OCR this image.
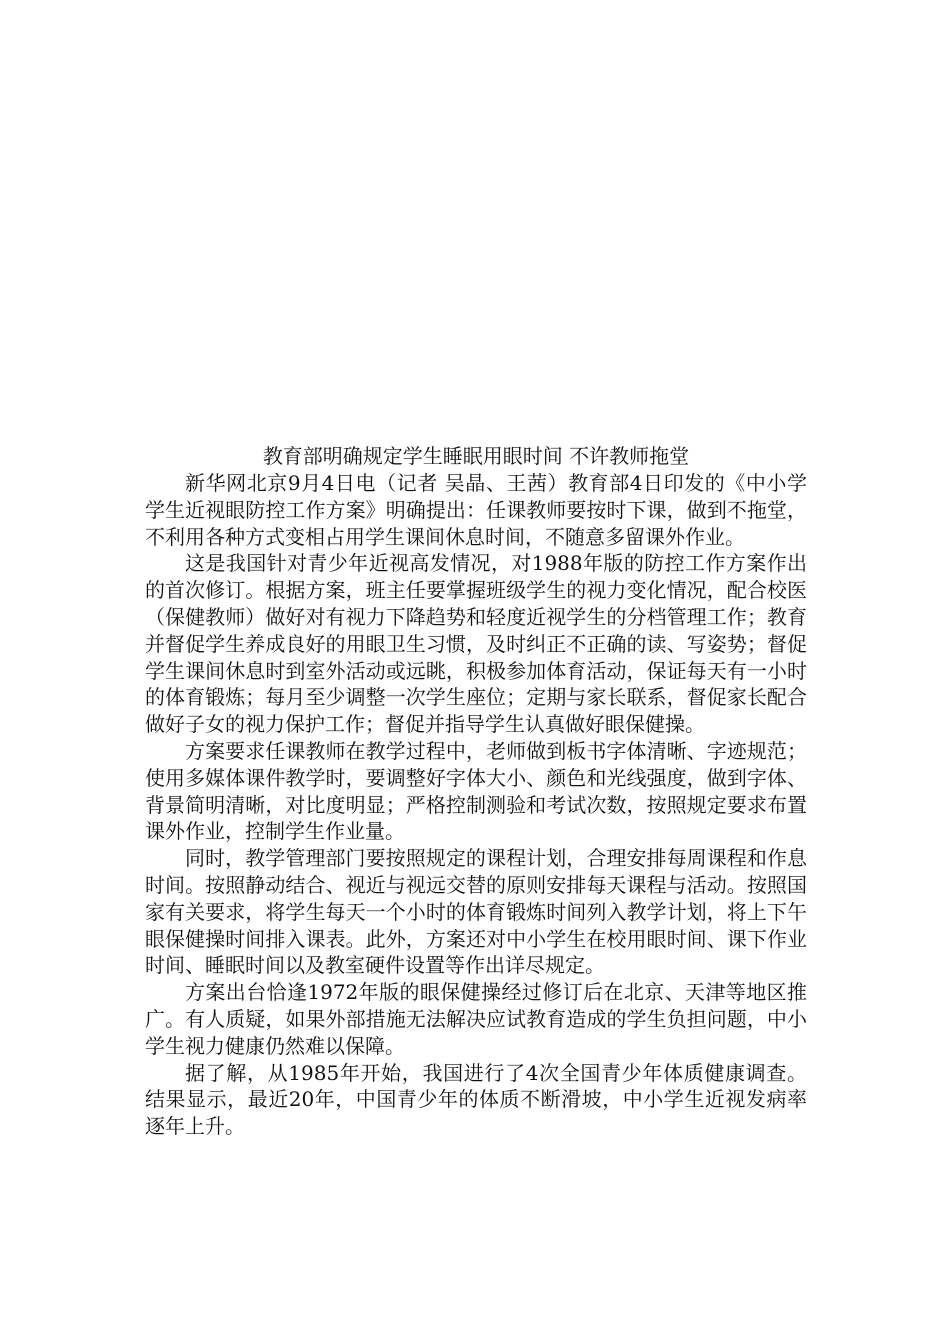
教育部明确规定学生睡眠用眼时间 不许教师拖堂

新华网北京9月4日电（记者 吴晶、王茜）教育部4日印发的《中小学学生近视眼防控工作方案》明确提出：任课教师要按时下课，做到不拖堂，不利用各种方式变相占用学生课间休息时间，不随意多留课外作业。

这是我国针对青少年近视高发情况，对1988年版的防控工作方案作出的首次修订。根据方案，班主任要掌握班级学生的视力变化情况，配合校医（保健教师）做好对有视力下降趋势和轻度近视学生的分档管理工作；教育并督促学生养成良好的用眼卫生习惯，及时纠正不正确的读、写姿势；督促学生课间休息时到室外活动或远眺，积极参加体育活动，保证每天有一小时的体育锻炼；每月至少调整一次学生座位；定期与家长联系，督促家长配合做好子女的视力保护工作；督促并指导学生认真做好眼保健操。

方案要求任课教师在教学过程中，老师做到板书字体清晰、字迹规范；使用多媒体课件教学时，要调整好字体大小、颜色和光线强度，做到字体、背景简明清晰，对比度明显；严格控制测验和考试次数，按照规定要求布置课外作业，控制学生作业量。

同时，教学管理部门要按照规定的课程计划，合理安排每周课程和作息时间。按照静动结合、视近与视远交替的原则安排每天课程与活动。按照国家有关要求，将学生每天一个小时的体育锻炼时间列入教学计划，将上下午眼保健操时间排入课表。此外，方案还对中小学生在校用眼时间、课下作业时间、睡眠时间以及教室硬件设置等作出详尽规定。

方案出台恰逢1972年版的眼保健操经过修订后在北京、天津等地区推广。有人质疑，如果外部措施无法解决应试教育造成的学生负担问题，中小学生视力健康仍然难以保障。

据了解，从1985年开始，我国进行了4次全国青少年体质健康调查。结果显示，最近20年，中国青少年的体质不断滑坡，中小学生近视发病率逐年上升。
